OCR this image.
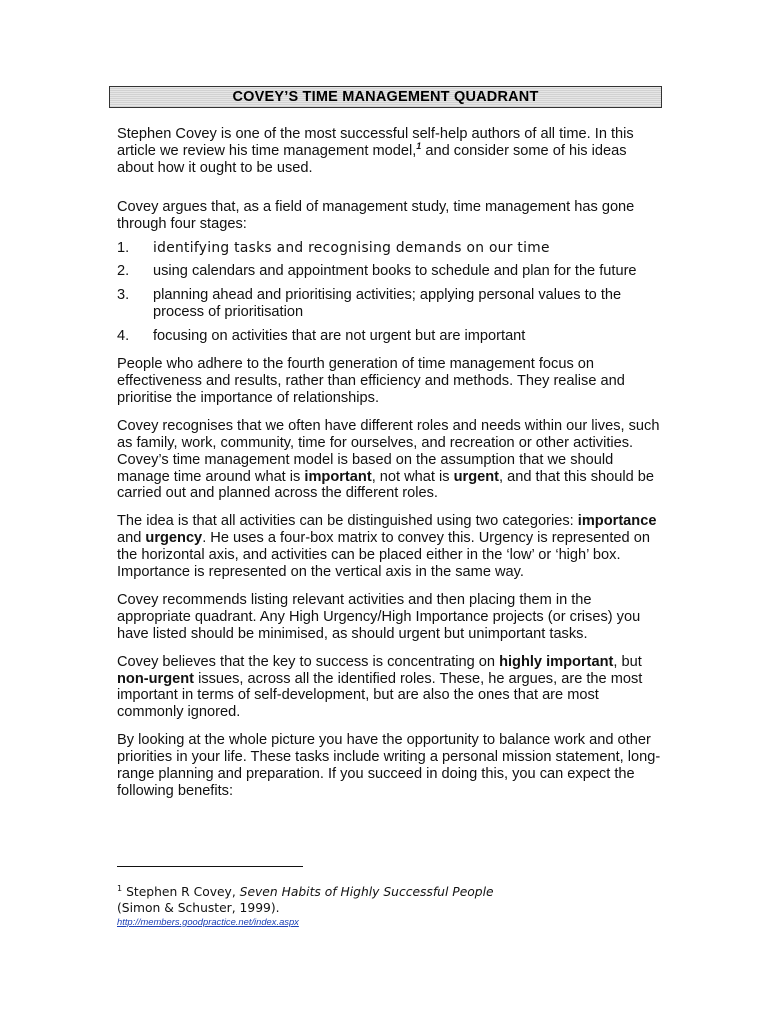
COVEY’S TIME MANAGEMENT QUADRANT

Stephen Covey is one of the most successful self-help authors of all time. In this article we review his time management model,$^1$ and consider some of his ideas about how it ought to be used.

Covey argues that, as a field of management study, time management has gone through four stages:

1. identifying tasks and recognising demands on our time
2. using calendars and appointment books to schedule and plan for the future
3. planning ahead and prioritising activities; applying personal values to the process of prioritisation
4. focusing on activities that are not urgent but are important

People who adhere to the fourth generation of time management focus on effectiveness and results, rather than efficiency and methods. They realise and prioritise the importance of relationships.

Covey recognises that we often have different roles and needs within our lives, such as family, work, community, time for ourselves, and recreation or other activities. Covey’s time management model is based on the assumption that we should manage time around what is important, not what is urgent, and that this should be carried out and planned across the different roles.

The idea is that all activities can be distinguished using two categories: importance and urgency. He uses a four-box matrix to convey this. Urgency is represented on the horizontal axis, and activities can be placed either in the ‘low’ or ‘high’ box. Importance is represented on the vertical axis in the same way.

Covey recommends listing relevant activities and then placing them in the appropriate quadrant. Any High Urgency/High Importance projects (or crises) you have listed should be minimised, as should urgent but unimportant tasks.

Covey believes that the key to success is concentrating on highly important, but non-urgent issues, across all the identified roles. These, he argues, are the most important in terms of self-development, but are also the ones that are most commonly ignored.

By looking at the whole picture you have the opportunity to balance work and other priorities in your life. These tasks include writing a personal mission statement, long-range planning and preparation. If you succeed in doing this, you can expect the following benefits:

$^1$ Stephen R Covey, Seven Habits of Highly Successful People
(Simon & Schuster, 1999).
http://members.goodpractice.net/index.aspx
